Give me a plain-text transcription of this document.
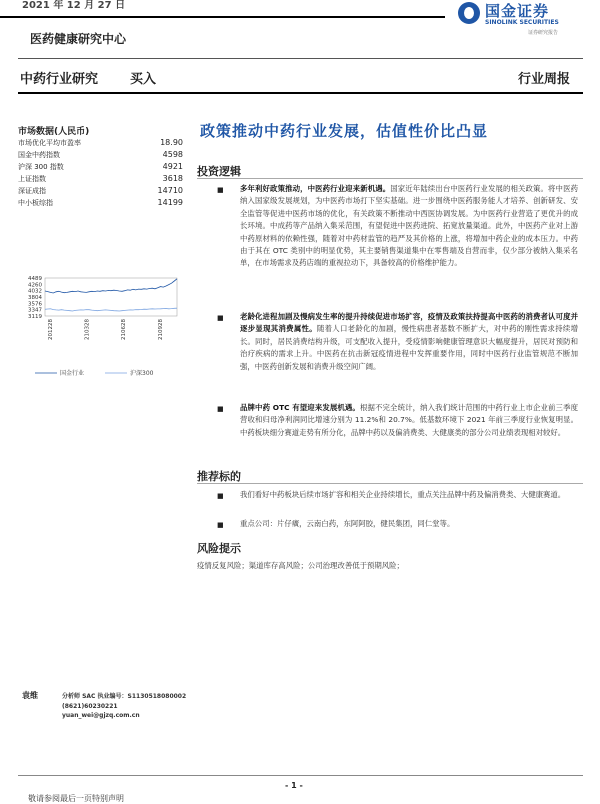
2021 年 12 月 27 日	国金证券
SINOLINK SECURITIES
证券研究报告
医药健康研究中心
中药行业研究 买入	行业周报
市场数据(人民币)
市场优化平均市盈率	18.90
国金中药指数	4598
沪深 300 指数	4921
上证指数	3618
深证成指	14710
中小板综指	14199
4489
4260
4032
3804
3576
3347
3119
201228	210328	210628	210928
国金行业	沪深300
政策推动中药行业发展，估值性价比凸显
投资逻辑
■	多年利好政策推动，中医药行业迎来新机遇。国家近年陆续出台中医药行业发展的相关政策。将中医药纳入国家级发展规划，为中医药市场打下坚实基础。进一步围绕中医药服务能人才培养、创新研发、安全监管等促进中医药市场的优化，有关政策不断推动中西医协调发展。为中医药行业营造了更优升的成长环境。中成药等产品纳入集采范围，有望促进中医药进院、拓宽放量渠道。此外，中医药产业对上游中药原材料的依赖性强，随着对中药材监管的趋严及其价格的上涨，将增加中药企业的成本压力。中药由于其在 OTC 类别中的明显优势，其主要销售渠道集中在零售端及自营而非，仅少部分被纳入集采名单，在市场需求及药店端的重视拉动下，具备较高的价格维护能力。
■	老龄化进程加剧及慢病发生率的提升持续促进市场扩容，疫情及政策扶持提高中医药的消费者认可度并逐步显现其消费属性。随着人口老龄化的加剧，慢性病患者基数不断扩大，对中药的刚性需求持续增长。同时，居民消费结构升级，可支配收入提升，受疫情影响健康管理意识大幅度提升，居民对预防和治疗疾病的需求上升。中医药在抗击新冠疫情进程中发挥重要作用，同时中医药行业监管规范不断加强，中医药创新发展和消费升级空间广阔。
■	品牌中药 OTC 有望迎来发展机遇。根据不完全统计，纳入我们统计范围的中药行业上市企业前三季度营收和归母净利润同比增速分别为 11.2%和 20.7%。低基数环境下 2021 年前三季度行业恢复明显。中药板块细分赛道走势有所分化，品牌中药以及偏消费类、大健康类的部分公司业绩表现相对较好。
推荐标的
■	我们看好中药板块后续市场扩容和相关企业持续增长，重点关注品牌中药及偏消费类、大健康赛道。
■	重点公司：片仔癀，云南白药，东阿阿胶，健民集团，同仁堂等。
风险提示
疫情反复风险；渠道库存高风险；公司治理改善低于预期风险；
袁维	分析师 SAC 执业编号：S1130518080002
(8621)60230221
yuan_wei@gjzq.com.cn
- 1 -
敬请参阅最后一页特别声明
